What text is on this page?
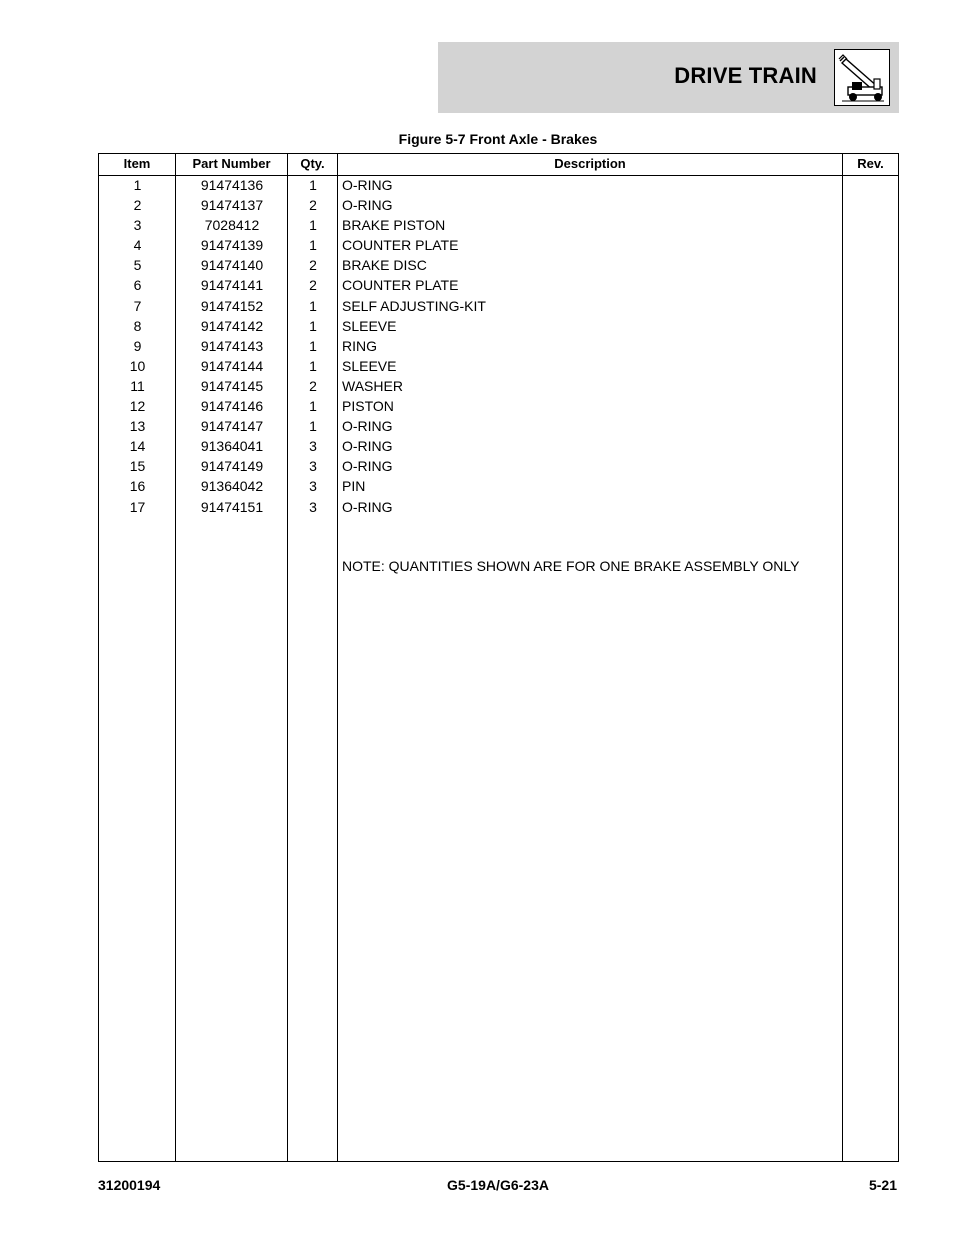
DRIVE TRAIN
Figure 5-7 Front Axle - Brakes
Item	Part Number	Qty.	Description	Rev.
1	91474136	1	O-RING
2	91474137	2	O-RING
3	7028412	1	BRAKE PISTON
4	91474139	1	COUNTER PLATE
5	91474140	2	BRAKE DISC
6	91474141	2	COUNTER PLATE
7	91474152	1	SELF ADJUSTING-KIT
8	91474142	1	SLEEVE
9	91474143	1	RING
10	91474144	1	SLEEVE
11	91474145	2	WASHER
12	91474146	1	PISTON
13	91474147	1	O-RING
14	91364041	3	O-RING
15	91474149	3	O-RING
16	91364042	3	PIN
17	91474151	3	O-RING
NOTE: QUANTITIES SHOWN ARE FOR ONE BRAKE ASSEMBLY ONLY
31200194	G5-19A/G6-23A	5-21
